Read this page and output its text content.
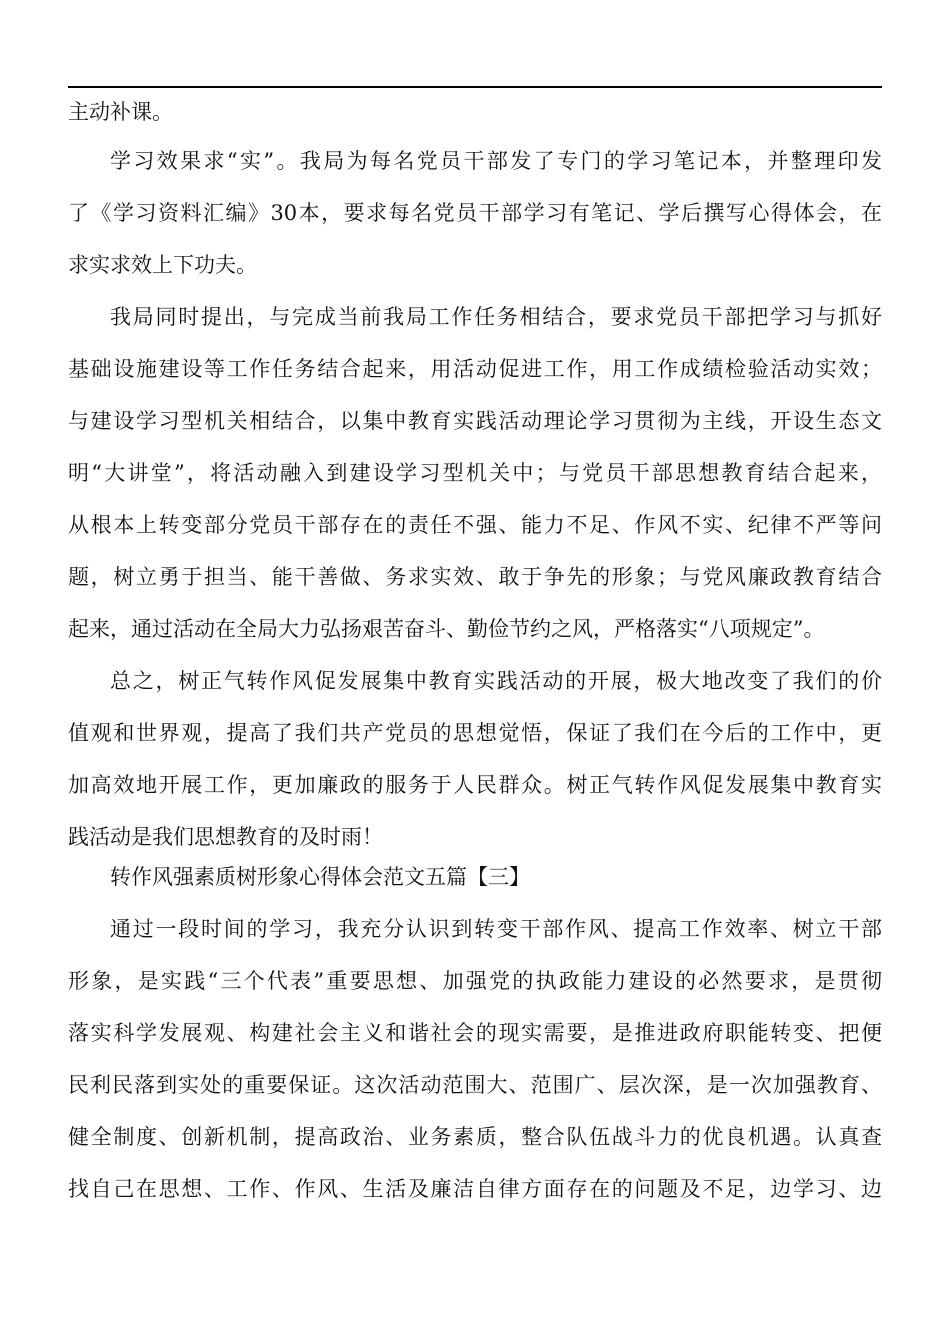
主动补课。
学习效果求“实”。我局为每名党员干部发了专门的学习笔记本，并整理印发
了《学习资料汇编》30本，要求每名党员干部学习有笔记、学后撰写心得体会，在
求实求效上下功夫。
我局同时提出，与完成当前我局工作任务相结合，要求党员干部把学习与抓好
基础设施建设等工作任务结合起来，用活动促进工作，用工作成绩检验活动实效；
与建设学习型机关相结合，以集中教育实践活动理论学习贯彻为主线，开设生态文
明“大讲堂”，将活动融入到建设学习型机关中；与党员干部思想教育结合起来，
从根本上转变部分党员干部存在的责任不强、能力不足、作风不实、纪律不严等问
题，树立勇于担当、能干善做、务求实效、敢于争先的形象；与党风廉政教育结合
起来，通过活动在全局大力弘扬艰苦奋斗、勤俭节约之风，严格落实“八项规定”。
总之，树正气转作风促发展集中教育实践活动的开展，极大地改变了我们的价
值观和世界观，提高了我们共产党员的思想觉悟，保证了我们在今后的工作中，更
加高效地开展工作，更加廉政的服务于人民群众。树正气转作风促发展集中教育实
践活动是我们思想教育的及时雨！
转作风强素质树形象心得体会范文五篇【三】
通过一段时间的学习，我充分认识到转变干部作风、提高工作效率、树立干部
形象，是实践“三个代表”重要思想、加强党的执政能力建设的必然要求，是贯彻
落实科学发展观、构建社会主义和谐社会的现实需要，是推进政府职能转变、把便
民利民落到实处的重要保证。这次活动范围大、范围广、层次深，是一次加强教育、
健全制度、创新机制，提高政治、业务素质，整合队伍战斗力的优良机遇。认真查
找自己在思想、工作、作风、生活及廉洁自律方面存在的问题及不足，边学习、边
